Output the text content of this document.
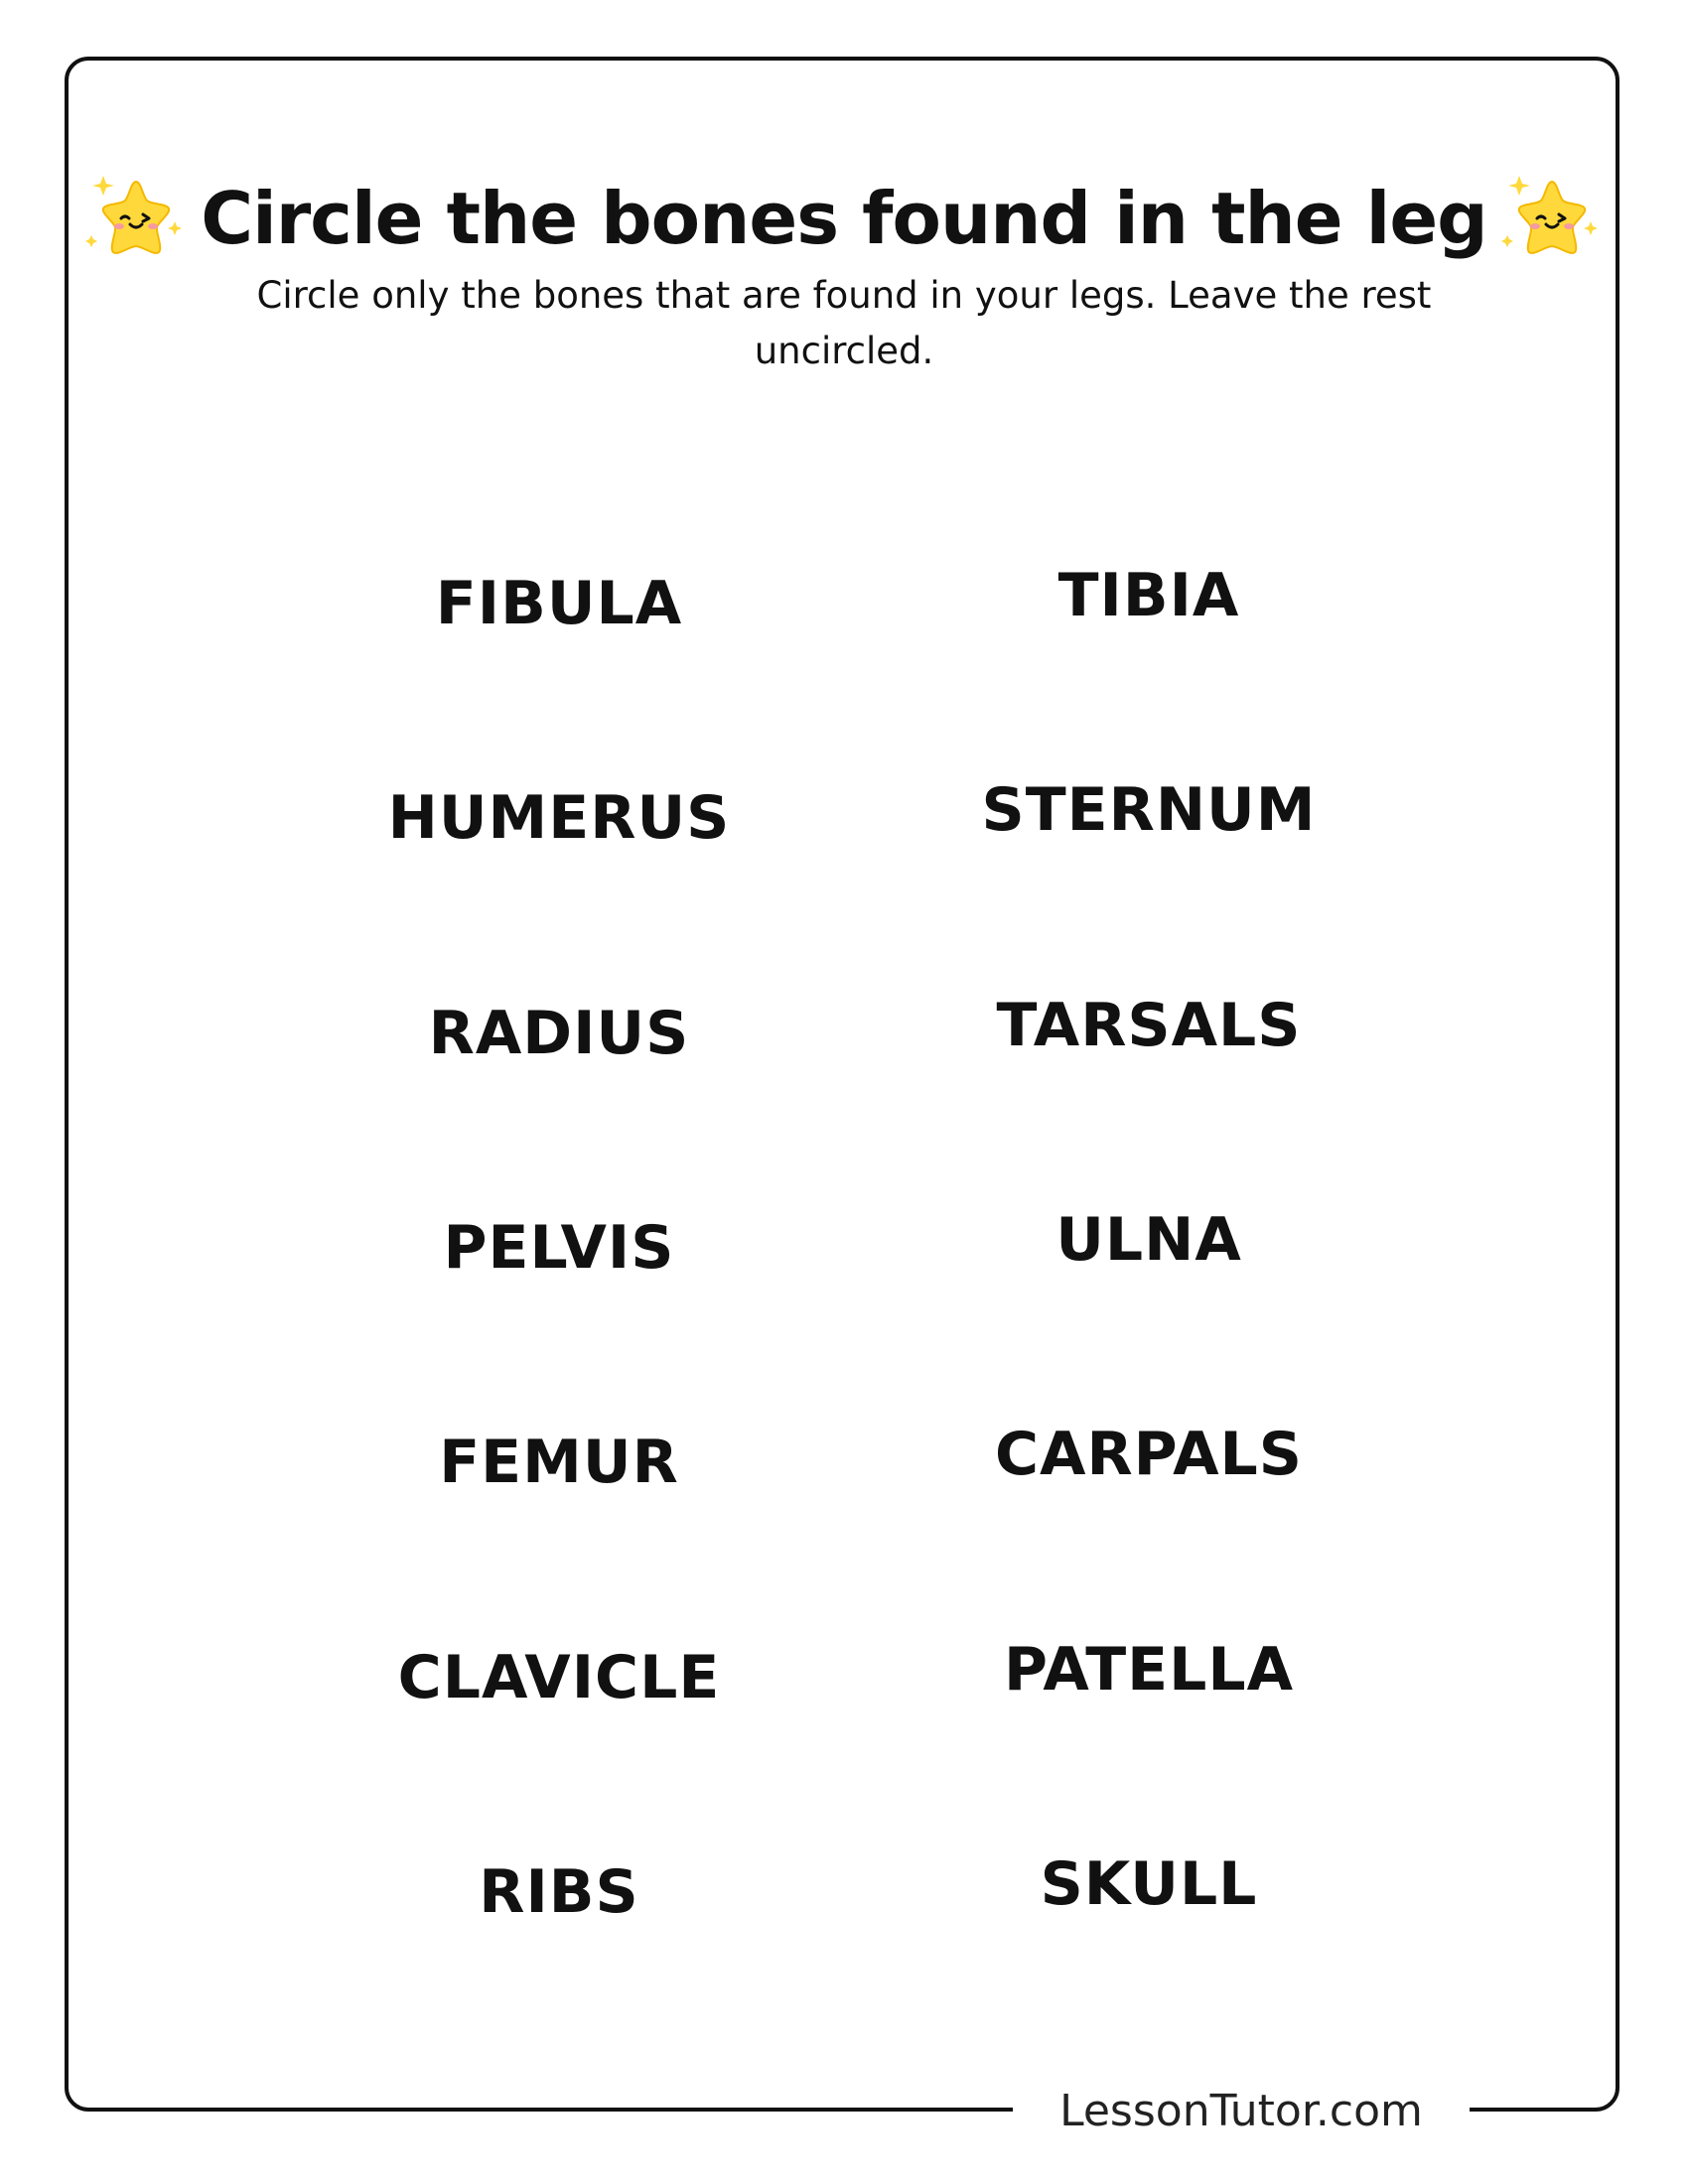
Circle the bones found in the leg
Circle only the bones that are found in your legs. Leave the rest uncircled.
FIBULA
HUMERUS
RADIUS
PELVIS
FEMUR
CLAVICLE
RIBS
TIBIA
STERNUM
TARSALS
ULNA
CARPALS
PATELLA
SKULL
LessonTutor.com
